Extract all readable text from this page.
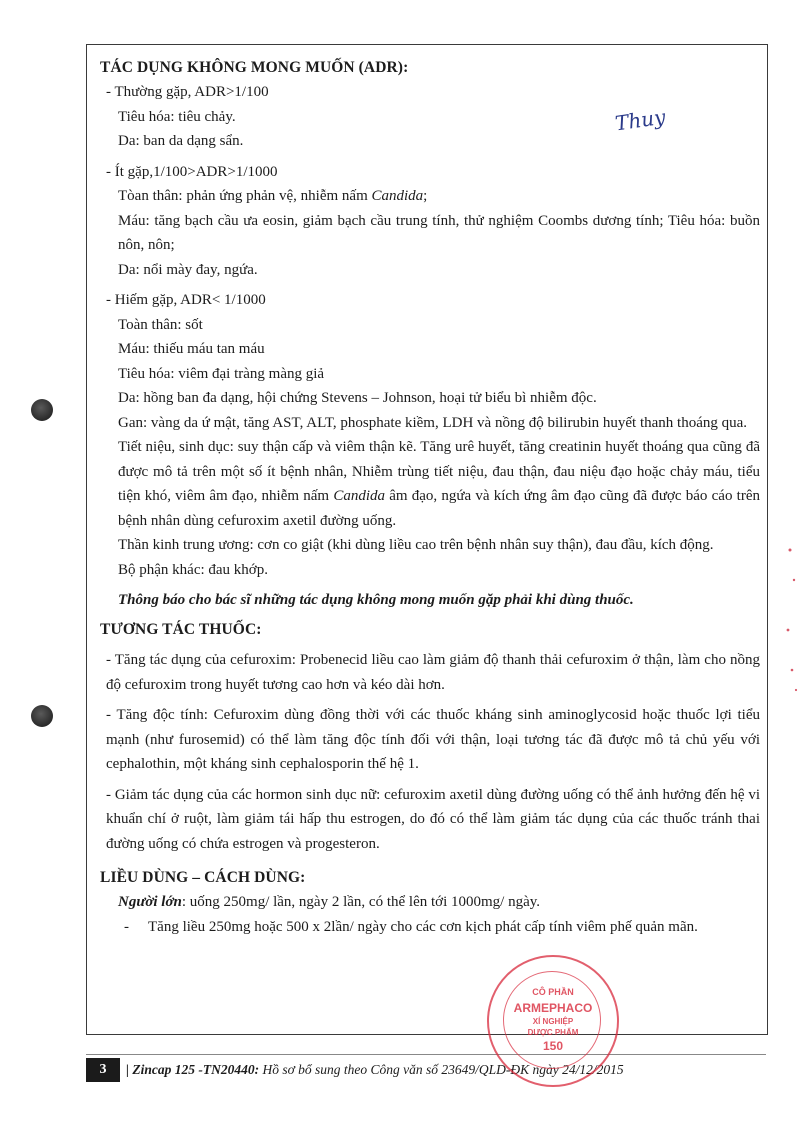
Thuy

TÁC DỤNG KHÔNG MONG MUỐN (ADR):

- Thường gặp, ADR>1/100

Tiêu hóa: tiêu chảy.

Da: ban da dạng sẩn.

- Ít gặp,1/100>ADR>1/1000

Tòan thân: phản ứng phản vệ, nhiễm nấm Candida;

Máu: tăng bạch cầu ưa eosin, giảm bạch cầu trung tính, thử nghiệm Coombs dương tính; Tiêu hóa: buồn nôn, nôn;

Da: nổi mày đay, ngứa.

- Hiếm gặp, ADR< 1/1000

Toàn thân: sốt

Máu: thiếu máu tan máu

Tiêu hóa: viêm đại tràng màng giả

Da: hồng ban đa dạng, hội chứng Stevens – Johnson, hoại tử biểu bì nhiễm độc.

Gan: vàng da ứ mật, tăng AST, ALT, phosphate kiềm, LDH và nồng độ bilirubin huyết thanh thoáng qua.

Tiết niệu, sinh dục: suy thận cấp và viêm thận kẽ. Tăng urê huyết, tăng creatinin huyết thoáng qua cũng đã được mô tả trên một số ít bệnh nhân, Nhiễm trùng tiết niệu, đau thận, đau niệu đạo hoặc chảy máu, tiểu tiện khó, viêm âm đạo, nhiễm nấm Candida âm đạo, ngứa và kích ứng âm đạo cũng đã được báo cáo trên bệnh nhân dùng cefuroxim axetil đường uống.

Thần kinh trung ương: cơn co giật (khi dùng liều cao trên bệnh nhân suy thận), đau đầu, kích động.

Bộ phận khác: đau khớp.

Thông báo cho bác sĩ những tác dụng không mong muốn gặp phải khi dùng thuốc.

TƯƠNG TÁC THUỐC:

- Tăng tác dụng của cefuroxim: Probenecid liều cao làm giảm độ thanh thải cefuroxim ở thận, làm cho nồng độ cefuroxim trong huyết tương cao hơn và kéo dài hơn.

- Tăng độc tính: Cefuroxim dùng đồng thời với các thuốc kháng sinh aminoglycosid hoặc thuốc lợi tiểu mạnh (như furosemid) có thể làm tăng độc tính đối với thận, loại tương tác đã được mô tả chủ yếu với cephalothin, một kháng sinh cephalosporin thế hệ 1.

- Giảm tác dụng của các hormon sinh dục nữ: cefuroxim axetil dùng đường uống có thể ảnh hưởng đến hệ vi khuẩn chí ở ruột, làm giảm tái hấp thu estrogen, do đó có thể làm giảm tác dụng của các thuốc tránh thai đường uống có chứa estrogen và progesteron.

LIỀU DÙNG – CÁCH DÙNG:

Người lớn: uống 250mg/ lần, ngày 2 lần, có thể lên tới 1000mg/ ngày.

-	Tăng liều 250mg hoặc 500 x 2lần/ ngày cho các cơn kịch phát cấp tính viêm phế quản mãn.

3	| Zincap 125 -TN20440: Hồ sơ bổ sung theo Công văn số 23649/QLD-ĐK ngày 24/12/2015
CÔ PHẦN
ARMEPHACO
XÍ NGHIỆP
DƯỢC PHẨM
150
